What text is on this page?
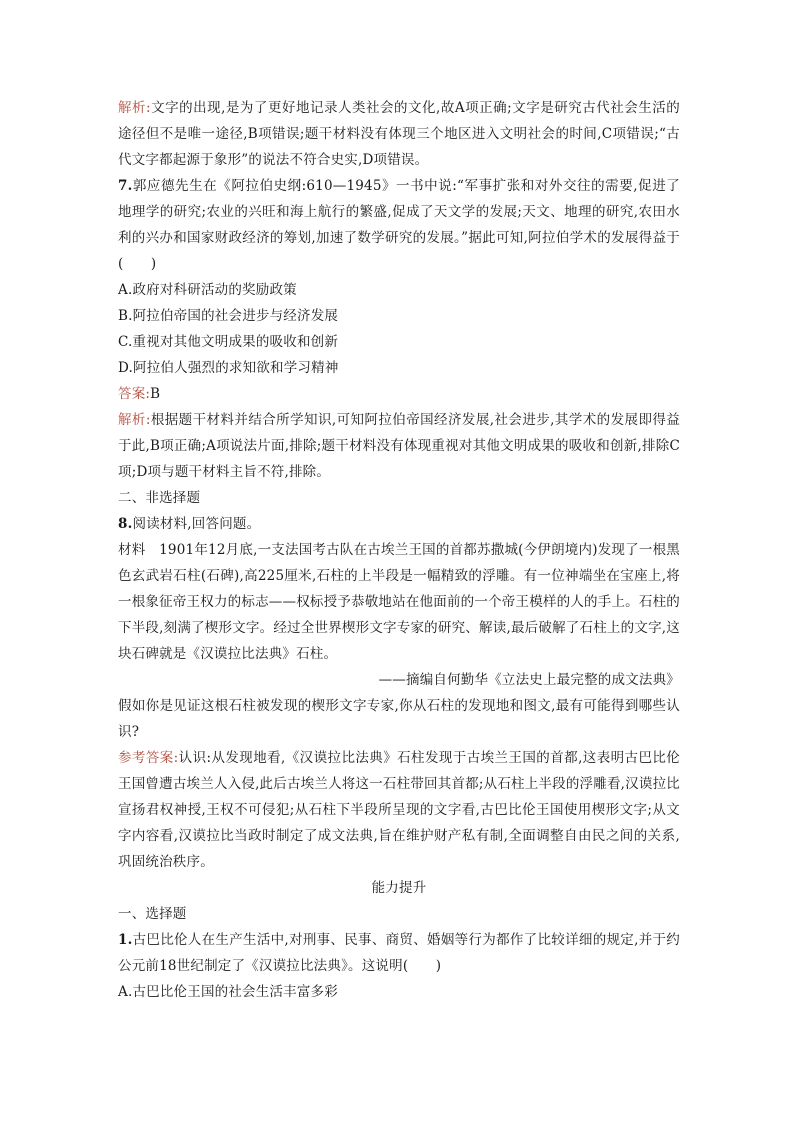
解析:文字的出现,是为了更好地记录人类社会的文化,故A项正确;文字是研究古代社会生活的途径但不是唯一途径,B项错误;题干材料没有体现三个地区进入文明社会的时间,C项错误;“古代文字都起源于象形”的说法不符合史实,D项错误。

7.郭应德先生在《阿拉伯史纲:610—1945》一书中说:“军事扩张和对外交往的需要,促进了地理学的研究;农业的兴旺和海上航行的繁盛,促成了天文学的发展;天文、地理的研究,农田水利的兴办和国家财政经济的筹划,加速了数学研究的发展。”据此可知,阿拉伯学术的发展得益于(　　)

A.政府对科研活动的奖励政策

B.阿拉伯帝国的社会进步与经济发展

C.重视对其他文明成果的吸收和创新

D.阿拉伯人强烈的求知欲和学习精神

答案:B

解析:根据题干材料并结合所学知识,可知阿拉伯帝国经济发展,社会进步,其学术的发展即得益于此,B项正确;A项说法片面,排除;题干材料没有体现重视对其他文明成果的吸收和创新,排除C项;D项与题干材料主旨不符,排除。

二、非选择题

8.阅读材料,回答问题。

材料　1901年12月底,一支法国考古队在古埃兰王国的首都苏撒城(今伊朗境内)发现了一根黑色玄武岩石柱(石碑),高225厘米,石柱的上半段是一幅精致的浮雕。有一位神端坐在宝座上,将一根象征帝王权力的标志——权标授予恭敬地站在他面前的一个帝王模样的人的手上。石柱的下半段,刻满了楔形文字。经过全世界楔形文字专家的研究、解读,最后破解了石柱上的文字,这块石碑就是《汉谟拉比法典》石柱。

——摘编自何勤华《立法史上最完整的成文法典》

假如你是见证这根石柱被发现的楔形文字专家,你从石柱的发现地和图文,最有可能得到哪些认识?

参考答案:认识:从发现地看,《汉谟拉比法典》石柱发现于古埃兰王国的首都,这表明古巴比伦王国曾遭古埃兰人入侵,此后古埃兰人将这一石柱带回其首都;从石柱上半段的浮雕看,汉谟拉比宣扬君权神授,王权不可侵犯;从石柱下半段所呈现的文字看,古巴比伦王国使用楔形文字;从文字内容看,汉谟拉比当政时制定了成文法典,旨在维护财产私有制,全面调整自由民之间的关系,巩固统治秩序。

能力提升

一、选择题

1.古巴比伦人在生产生活中,对刑事、民事、商贸、婚姻等行为都作了比较详细的规定,并于约公元前18世纪制定了《汉谟拉比法典》。这说明(　　)

A.古巴比伦王国的社会生活丰富多彩
